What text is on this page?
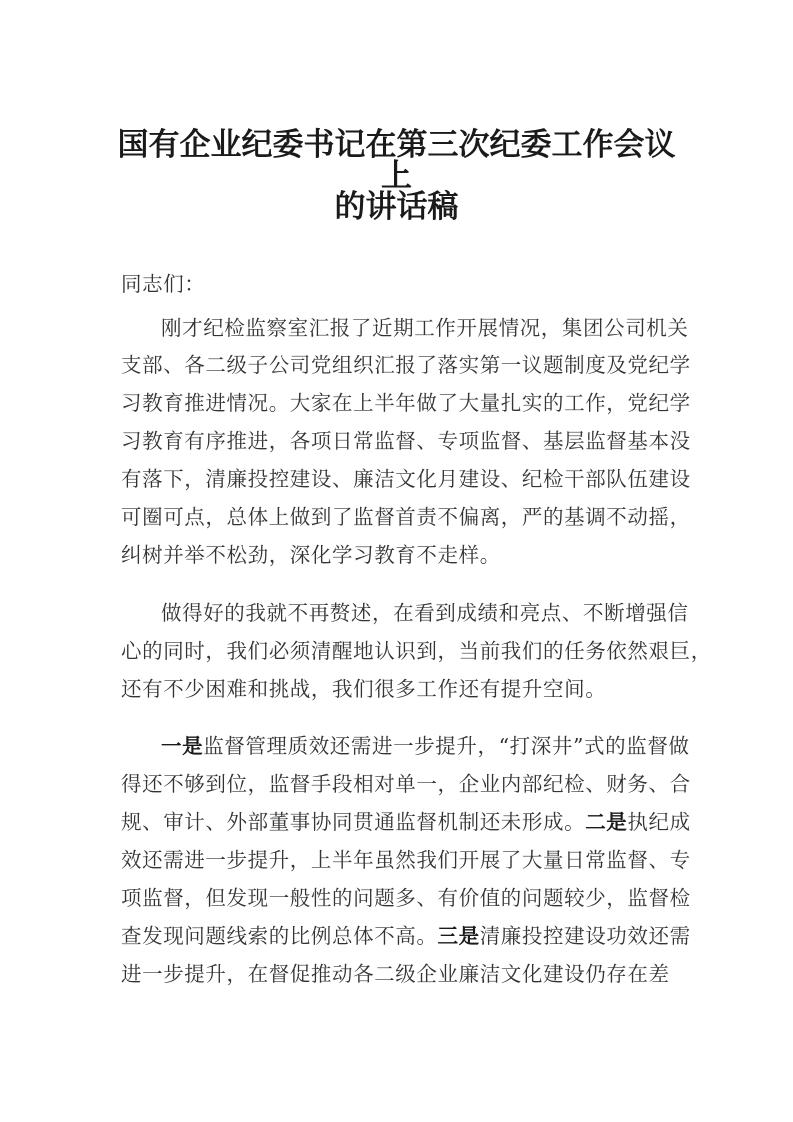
国有企业纪委书记在第三次纪委工作会议上
的讲话稿
同志们：
刚才纪检监察室汇报了近期工作开展情况，集团公司机关
支部、各二级子公司党组织汇报了落实第一议题制度及党纪学
习教育推进情况。大家在上半年做了大量扎实的工作，党纪学
习教育有序推进，各项日常监督、专项监督、基层监督基本没
有落下，清廉投控建设、廉洁文化月建设、纪检干部队伍建设
可圈可点，总体上做到了监督首责不偏离，严的基调不动摇，
纠树并举不松劲，深化学习教育不走样。
做得好的我就不再赘述，在看到成绩和亮点、不断增强信
心的同时，我们必须清醒地认识到，当前我们的任务依然艰巨，
还有不少困难和挑战，我们很多工作还有提升空间。
一是监督管理质效还需进一步提升，“打深井”式的监督做
得还不够到位，监督手段相对单一，企业内部纪检、财务、合
规、审计、外部董事协同贯通监督机制还未形成。二是执纪成
效还需进一步提升，上半年虽然我们开展了大量日常监督、专
项监督，但发现一般性的问题多、有价值的问题较少，监督检
查发现问题线索的比例总体不高。三是清廉投控建设功效还需
进一步提升，在督促推动各二级企业廉洁文化建设仍存在差
